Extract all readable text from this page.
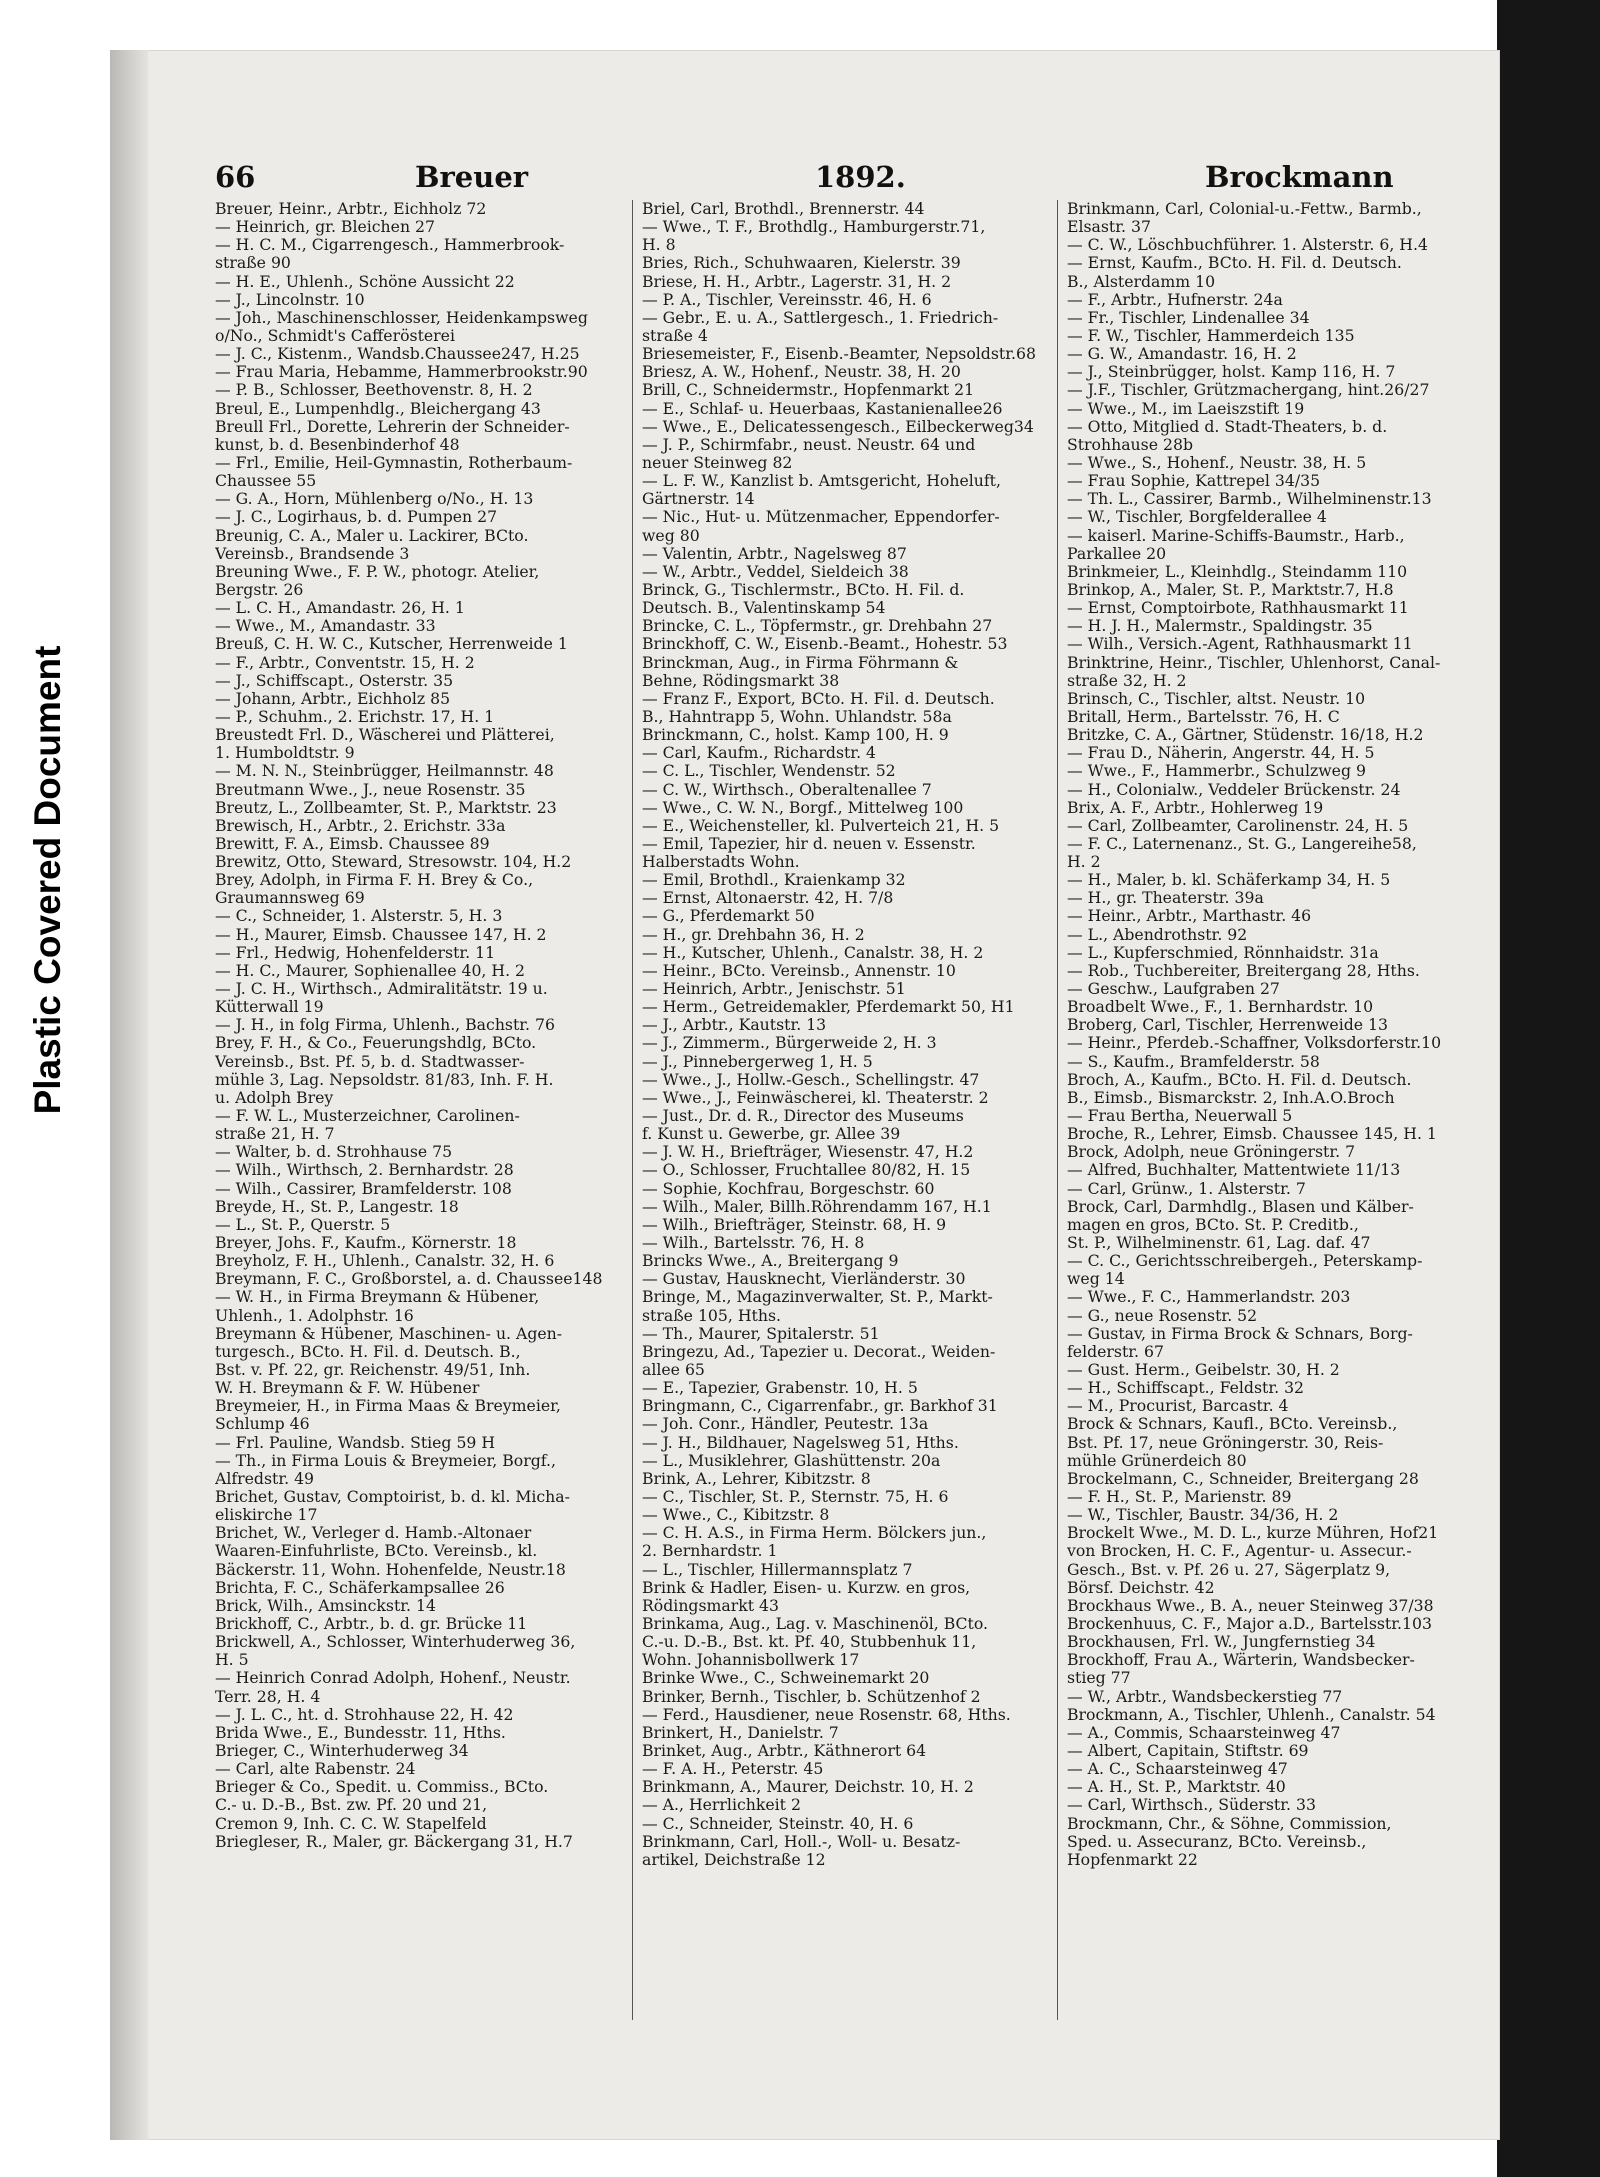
Plastic Covered Document
66	Breuer	1892.	Brockmann
Breuer, Heinr., Arbtr., Eichholz 72
— Heinrich, gr. Bleichen 27
— H. C. M., Cigarrengesch., Hammerbrook-
straße 90
— H. E., Uhlenh., Schöne Aussicht 22
— J., Lincolnstr. 10
— Joh., Maschinenschlosser, Heidenkampsweg
o/No., Schmidt's Cafferösterei
— J. C., Kistenm., Wandsb.Chaussee247, H.25
— Frau Maria, Hebamme, Hammerbrookstr.90
— P. B., Schlosser, Beethovenstr. 8, H. 2
Breul, E., Lumpenhdlg., Bleichergang 43
Breull Frl., Dorette, Lehrerin der Schneider-
kunst, b. d. Besenbinderhof 48
— Frl., Emilie, Heil-Gymnastin, Rotherbaum-
Chaussee 55
— G. A., Horn, Mühlenberg o/No., H. 13
— J. C., Logirhaus, b. d. Pumpen 27
Breunig, C. A., Maler u. Lackirer, BCto.
Vereinsb., Brandsende 3
Breuning Wwe., F. P. W., photogr. Atelier,
Bergstr. 26
— L. C. H., Amandastr. 26, H. 1
— Wwe., M., Amandastr. 33
Breuß, C. H. W. C., Kutscher, Herrenweide 1
— F., Arbtr., Conventstr. 15, H. 2
— J., Schiffscapt., Osterstr. 35
— Johann, Arbtr., Eichholz 85
— P., Schuhm., 2. Erichstr. 17, H. 1
Breustedt Frl. D., Wäscherei und Plätterei,
1. Humboldtstr. 9
— M. N. N., Steinbrügger, Heilmannstr. 48
Breutmann Wwe., J., neue Rosenstr. 35
Breutz, L., Zollbeamter, St. P., Marktstr. 23
Brewisch, H., Arbtr., 2. Erichstr. 33a
Brewitt, F. A., Eimsb. Chaussee 89
Brewitz, Otto, Steward, Stresowstr. 104, H.2
Brey, Adolph, in Firma F. H. Brey & Co.,
Graumannsweg 69
— C., Schneider, 1. Alsterstr. 5, H. 3
— H., Maurer, Eimsb. Chaussee 147, H. 2
— Frl., Hedwig, Hohenfelderstr. 11
— H. C., Maurer, Sophienallee 40, H. 2
— J. C. H., Wirthsch., Admiralitätstr. 19 u.
Kütterwall 19
— J. H., in folg Firma, Uhlenh., Bachstr. 76
Brey, F. H., & Co., Feuerungshdlg, BCto.
Vereinsb., Bst. Pf. 5, b. d. Stadtwasser-
mühle 3, Lag. Nepsoldstr. 81/83, Inh. F. H.
u. Adolph Brey
— F. W. L., Musterzeichner, Carolinen-
straße 21, H. 7
— Walter, b. d. Strohhause 75
— Wilh., Wirthsch, 2. Bernhardstr. 28
— Wilh., Cassirer, Bramfelderstr. 108
Breyde, H., St. P., Langestr. 18
— L., St. P., Querstr. 5
Breyer, Johs. F., Kaufm., Körnerstr. 18
Breyholz, F. H., Uhlenh., Canalstr. 32, H. 6
Breymann, F. C., Großborstel, a. d. Chaussee148
— W. H., in Firma Breymann & Hübener,
Uhlenh., 1. Adolphstr. 16
Breymann & Hübener, Maschinen- u. Agen-
turgesch., BCto. H. Fil. d. Deutsch. B.,
Bst. v. Pf. 22, gr. Reichenstr. 49/51, Inh.
W. H. Breymann & F. W. Hübener
Breymeier, H., in Firma Maas & Breymeier,
Schlump 46
— Frl. Pauline, Wandsb. Stieg 59 H
— Th., in Firma Louis & Breymeier, Borgf.,
Alfredstr. 49
Brichet, Gustav, Comptoirist, b. d. kl. Micha-
eliskirche 17
Brichet, W., Verleger d. Hamb.-Altonaer
Waaren-Einfuhrliste, BCto. Vereinsb., kl.
Bäckerstr. 11, Wohn. Hohenfelde, Neustr.18
Brichta, F. C., Schäferkampsallee 26
Brick, Wilh., Amsinckstr. 14
Brickhoff, C., Arbtr., b. d. gr. Brücke 11
Brickwell, A., Schlosser, Winterhuderweg 36,
H. 5
— Heinrich Conrad Adolph, Hohenf., Neustr.
Terr. 28, H. 4
— J. L. C., ht. d. Strohhause 22, H. 42
Brida Wwe., E., Bundesstr. 11, Hths.
Brieger, C., Winterhuderweg 34
— Carl, alte Rabenstr. 24
Brieger & Co., Spedit. u. Commiss., BCto.
C.- u. D.-B., Bst. zw. Pf. 20 und 21,
Cremon 9, Inh. C. C. W. Stapelfeld
Briegleser, R., Maler, gr. Bäckergang 31, H.7
Briel, Carl, Brothdl., Brennerstr. 44
— Wwe., T. F., Brothdlg., Hamburgerstr.71,
H. 8
Bries, Rich., Schuhwaaren, Kielerstr. 39
Briese, H. H., Arbtr., Lagerstr. 31, H. 2
— P. A., Tischler, Vereinsstr. 46, H. 6
— Gebr., E. u. A., Sattlergesch., 1. Friedrich-
straße 4
Briesemeister, F., Eisenb.-Beamter, Nepsoldstr.68
Briesz, A. W., Hohenf., Neustr. 38, H. 20
Brill, C., Schneidermstr., Hopfenmarkt 21
— E., Schlaf- u. Heuerbaas, Kastanienallee26
— Wwe., E., Delicatessengesch., Eilbeckerweg34
— J. P., Schirmfabr., neust. Neustr. 64 und
neuer Steinweg 82
— L. F. W., Kanzlist b. Amtsgericht, Hoheluft,
Gärtnerstr. 14
— Nic., Hut- u. Mützenmacher, Eppendorfer-
weg 80
— Valentin, Arbtr., Nagelsweg 87
— W., Arbtr., Veddel, Sieldeich 38
Brinck, G., Tischlermstr., BCto. H. Fil. d.
Deutsch. B., Valentinskamp 54
Brincke, C. L., Töpfermstr., gr. Drehbahn 27
Brinckhoff, C. W., Eisenb.-Beamt., Hohestr. 53
Brinckman, Aug., in Firma Föhrmann &
Behne, Rödingsmarkt 38
— Franz F., Export, BCto. H. Fil. d. Deutsch.
B., Hahntrapp 5, Wohn. Uhlandstr. 58a
Brinckmann, C., holst. Kamp 100, H. 9
— Carl, Kaufm., Richardstr. 4
— C. L., Tischler, Wendenstr. 52
— C. W., Wirthsch., Oberaltenallee 7
— Wwe., C. W. N., Borgf., Mittelweg 100
— E., Weichensteller, kl. Pulverteich 21, H. 5
— Emil, Tapezier, hir d. neuen v. Essenstr.
Halberstadts Wohn.
— Emil, Brothdl., Kraienkamp 32
— Ernst, Altonaerstr. 42, H. 7/8
— G., Pferdemarkt 50
— H., gr. Drehbahn 36, H. 2
— H., Kutscher, Uhlenh., Canalstr. 38, H. 2
— Heinr., BCto. Vereinsb., Annenstr. 10
— Heinrich, Arbtr., Jenischstr. 51
— Herm., Getreidemakler, Pferdemarkt 50, H1
— J., Arbtr., Kautstr. 13
— J., Zimmerm., Bürgerweide 2, H. 3
— J., Pinnebergerweg 1, H. 5
— Wwe., J., Hollw.-Gesch., Schellingstr. 47
— Wwe., J., Feinwäscherei, kl. Theaterstr. 2
— Just., Dr. d. R., Director des Museums
f. Kunst u. Gewerbe, gr. Allee 39
— J. W. H., Briefträger, Wiesenstr. 47, H.2
— O., Schlosser, Fruchtallee 80/82, H. 15
— Sophie, Kochfrau, Borgeschstr. 60
— Wilh., Maler, Billh.Röhrendamm 167, H.1
— Wilh., Briefträger, Steinstr. 68, H. 9
— Wilh., Bartelsstr. 76, H. 8
Brincks Wwe., A., Breitergang 9
— Gustav, Hausknecht, Vierländerstr. 30
Bringe, M., Magazinverwalter, St. P., Markt-
straße 105, Hths.
— Th., Maurer, Spitalerstr. 51
Bringezu, Ad., Tapezier u. Decorat., Weiden-
allee 65
— E., Tapezier, Grabenstr. 10, H. 5
Bringmann, C., Cigarrenfabr., gr. Barkhof 31
— Joh. Conr., Händler, Peutestr. 13a
— J. H., Bildhauer, Nagelsweg 51, Hths.
— L., Musiklehrer, Glashüttenstr. 20a
Brink, A., Lehrer, Kibitzstr. 8
— C., Tischler, St. P., Sternstr. 75, H. 6
— Wwe., C., Kibitzstr. 8
— C. H. A.S., in Firma Herm. Bölckers jun.,
2. Bernhardstr. 1
— L., Tischler, Hillermannsplatz 7
Brink & Hadler, Eisen- u. Kurzw. en gros,
Rödingsmarkt 43
Brinkama, Aug., Lag. v. Maschinenöl, BCto.
C.-u. D.-B., Bst. kt. Pf. 40, Stubbenhuk 11,
Wohn. Johannisbollwerk 17
Brinke Wwe., C., Schweinemarkt 20
Brinker, Bernh., Tischler, b. Schützenhof 2
— Ferd., Hausdiener, neue Rosenstr. 68, Hths.
Brinkert, H., Danielstr. 7
Brinket, Aug., Arbtr., Käthnerort 64
— F. A. H., Peterstr. 45
Brinkmann, A., Maurer, Deichstr. 10, H. 2
— A., Herrlichkeit 2
— C., Schneider, Steinstr. 40, H. 6
Brinkmann, Carl, Holl.-, Woll- u. Besatz-
artikel, Deichstraße 12
Brinkmann, Carl, Colonial-u.-Fettw., Barmb.,
Elsastr. 37
— C. W., Löschbuchführer. 1. Alsterstr. 6, H.4
— Ernst, Kaufm., BCto. H. Fil. d. Deutsch.
B., Alsterdamm 10
— F., Arbtr., Hufnerstr. 24a
— Fr., Tischler, Lindenallee 34
— F. W., Tischler, Hammerdeich 135
— G. W., Amandastr. 16, H. 2
— J., Steinbrügger, holst. Kamp 116, H. 7
— J.F., Tischler, Grützmachergang, hint.26/27
— Wwe., M., im Laeiszstift 19
— Otto, Mitglied d. Stadt-Theaters, b. d.
Strohhause 28b
— Wwe., S., Hohenf., Neustr. 38, H. 5
— Frau Sophie, Kattrepel 34/35
— Th. L., Cassirer, Barmb., Wilhelminenstr.13
— W., Tischler, Borgfelderallee 4
— kaiserl. Marine-Schiffs-Baumstr., Harb.,
Parkallee 20
Brinkmeier, L., Kleinhdlg., Steindamm 110
Brinkop, A., Maler, St. P., Marktstr.7, H.8
— Ernst, Comptoirbote, Rathhausmarkt 11
— H. J. H., Malermstr., Spaldingstr. 35
— Wilh., Versich.-Agent, Rathhausmarkt 11
Brinktrine, Heinr., Tischler, Uhlenhorst, Canal-
straße 32, H. 2
Brinsch, C., Tischler, altst. Neustr. 10
Britall, Herm., Bartelsstr. 76, H. C
Britzke, C. A., Gärtner, Stüdenstr. 16/18, H.2
— Frau D., Näherin, Angerstr. 44, H. 5
— Wwe., F., Hammerbr., Schulzweg 9
— H., Colonialw., Veddeler Brückenstr. 24
Brix, A. F., Arbtr., Hohlerweg 19
— Carl, Zollbeamter, Carolinenstr. 24, H. 5
— F. C., Laternenanz., St. G., Langereihe58,
H. 2
— H., Maler, b. kl. Schäferkamp 34, H. 5
— H., gr. Theaterstr. 39a
— Heinr., Arbtr., Marthastr. 46
— L., Abendrothstr. 92
— L., Kupferschmied, Rönnhaidstr. 31a
— Rob., Tuchbereiter, Breitergang 28, Hths.
— Geschw., Laufgraben 27
Broadbelt Wwe., F., 1. Bernhardstr. 10
Broberg, Carl, Tischler, Herrenweide 13
— Heinr., Pferdeb.-Schaffner, Volksdorferstr.10
— S., Kaufm., Bramfelderstr. 58
Broch, A., Kaufm., BCto. H. Fil. d. Deutsch.
B., Eimsb., Bismarckstr. 2, Inh.A.O.Broch
— Frau Bertha, Neuerwall 5
Broche, R., Lehrer, Eimsb. Chaussee 145, H. 1
Brock, Adolph, neue Gröningerstr. 7
— Alfred, Buchhalter, Mattentwiete 11/13
— Carl, Grünw., 1. Alsterstr. 7
Brock, Carl, Darmhdlg., Blasen und Kälber-
magen en gros, BCto. St. P. Creditb.,
St. P., Wilhelminenstr. 61, Lag. daf. 47
— C. C., Gerichtsschreibergeh., Peterskamp-
weg 14
— Wwe., F. C., Hammerlandstr. 203
— G., neue Rosenstr. 52
— Gustav, in Firma Brock & Schnars, Borg-
felderstr. 67
— Gust. Herm., Geibelstr. 30, H. 2
— H., Schiffscapt., Feldstr. 32
— M., Procurist, Barcastr. 4
Brock & Schnars, Kaufl., BCto. Vereinsb.,
Bst. Pf. 17, neue Gröningerstr. 30, Reis-
mühle Grünerdeich 80
Brockelmann, C., Schneider, Breitergang 28
— F. H., St. P., Marienstr. 89
— W., Tischler, Baustr. 34/36, H. 2
Brockelt Wwe., M. D. L., kurze Mühren, Hof21
von Brocken, H. C. F., Agentur- u. Assecur.-
Gesch., Bst. v. Pf. 26 u. 27, Sägerplatz 9,
Börsf. Deichstr. 42
Brockhaus Wwe., B. A., neuer Steinweg 37/38
Brockenhuus, C. F., Major a.D., Bartelsstr.103
Brockhausen, Frl. W., Jungfernstieg 34
Brockhoff, Frau A., Wärterin, Wandsbecker-
stieg 77
— W., Arbtr., Wandsbeckerstieg 77
Brockmann, A., Tischler, Uhlenh., Canalstr. 54
— A., Commis, Schaarsteinweg 47
— Albert, Capitain, Stiftstr. 69
— A. C., Schaarsteinweg 47
— A. H., St. P., Marktstr. 40
— Carl, Wirthsch., Süderstr. 33
Brockmann, Chr., & Söhne, Commission,
Sped. u. Assecuranz, BCto. Vereinsb.,
Hopfenmarkt 22
